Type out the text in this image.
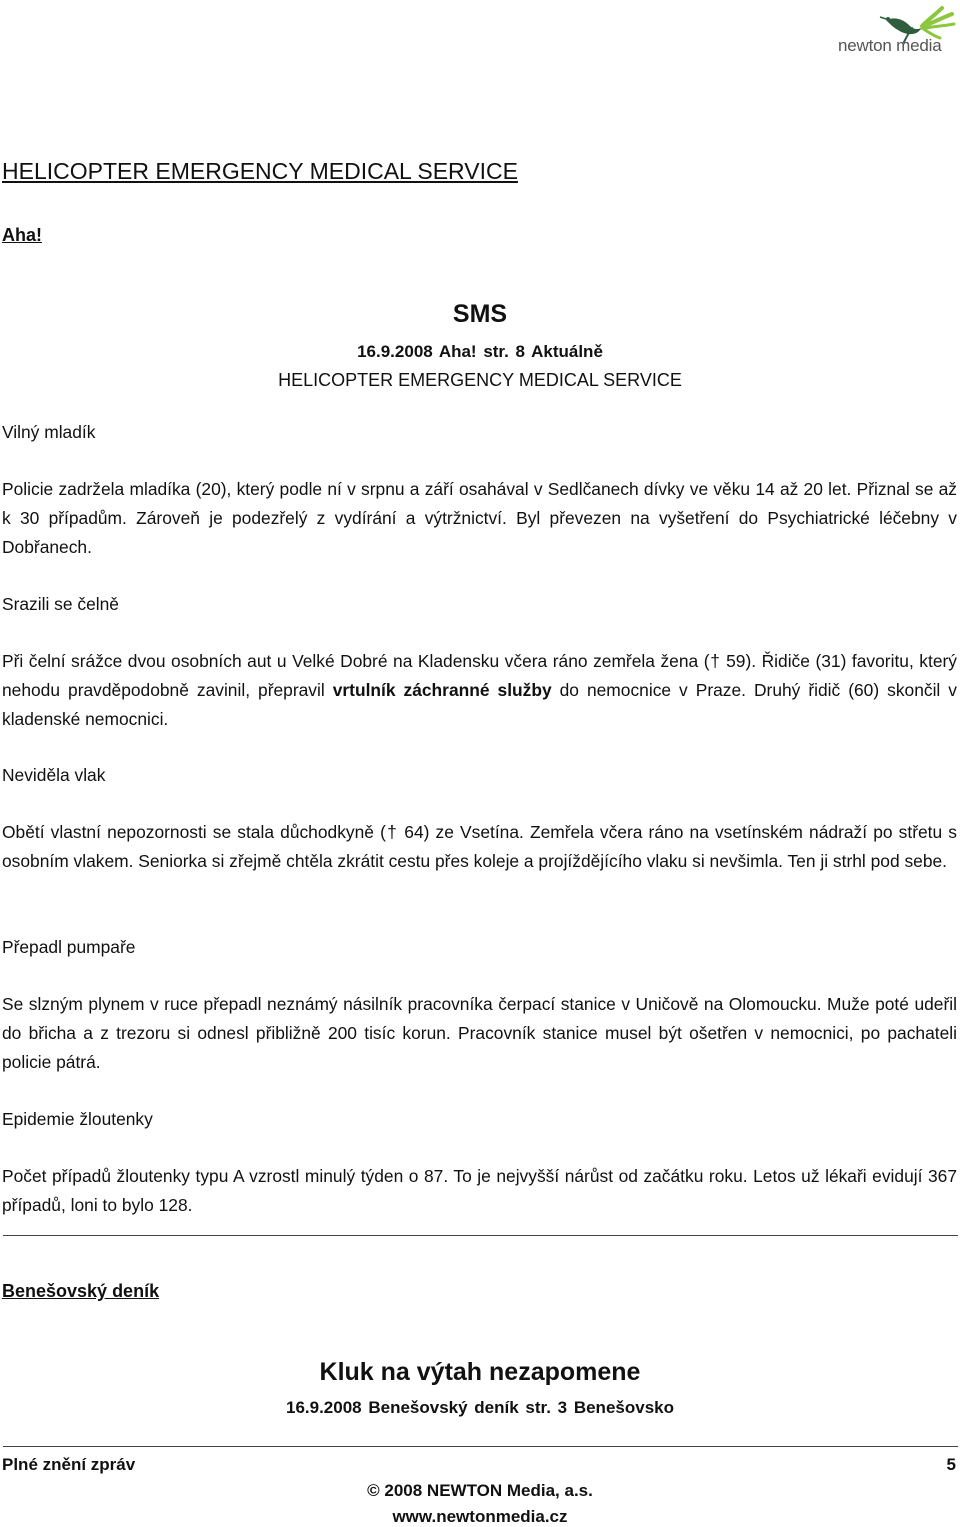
newton media
HELICOPTER EMERGENCY MEDICAL SERVICE
Aha!
SMS
16.9.2008 Aha! str. 8 Aktuálně
HELICOPTER EMERGENCY MEDICAL SERVICE
Vilný mladík
Policie zadržela mladíka (20), který podle ní v srpnu a září osahával v Sedlčanech dívky ve věku 14 až 20 let. Přiznal se až k 30 případům. Zároveň je podezřelý z vydírání a výtržnictví. Byl převezen na vyšetření do Psychiatrické léčebny v Dobřanech.
Srazili se čelně
Při čelní srážce dvou osobních aut u Velké Dobré na Kladensku včera ráno zemřela žena († 59). Řidiče (31) favoritu, který nehodu pravděpodobně zavinil, přepravil vrtulník záchranné služby do nemocnice v Praze. Druhý řidič (60) skončil v kladenské nemocnici.
Neviděla vlak
Obětí vlastní nepozornosti se stala důchodkyně († 64) ze Vsetína. Zemřela včera ráno na vsetínském nádraží po střetu s osobním vlakem. Seniorka si zřejmě chtěla zkrátit cestu přes koleje a projíždějícího vlaku si nevšimla. Ten ji strhl pod sebe.
Přepadl pumpaře
Se slzným plynem v ruce přepadl neznámý násilník pracovníka čerpací stanice v Uničově na Olomoucku. Muže poté udeřil do břicha a z trezoru si odnesl přibližně 200 tisíc korun. Pracovník stanice musel být ošetřen v nemocnici, po pachateli policie pátrá.
Epidemie žloutenky
Počet případů žloutenky typu A vzrostl minulý týden o 87. To je nejvyšší nárůst od začátku roku. Letos už lékaři evidují 367 případů, loni to bylo 128.
Benešovský deník
Kluk na výtah nezapomene
16.9.2008 Benešovský deník str. 3 Benešovsko
Plné znění zpráv	5
© 2008 NEWTON Media, a.s.
www.newtonmedia.cz
